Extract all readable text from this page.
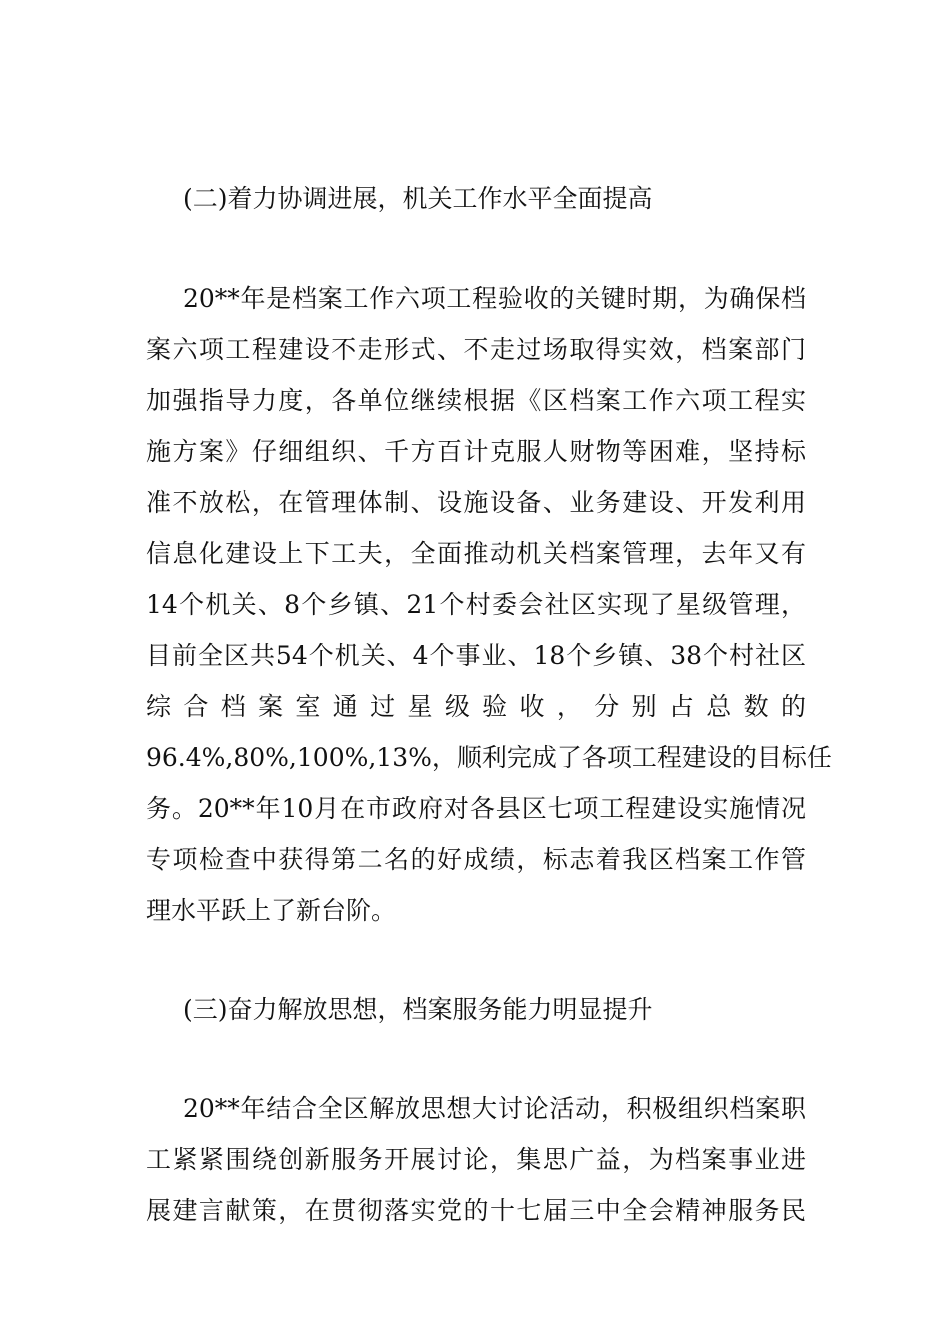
(二)着力协调进展，机关工作水平全面提高
20**年是档案工作六项工程验收的关键时期，为确保档
案六项工程建设不走形式、不走过场取得实效，档案部门
加强指导力度，各单位继续根据《区档案工作六项工程实
施方案》仔细组织、千方百计克服人财物等困难，坚持标
准不放松，在管理体制、设施设备、业务建设、开发利用
信息化建设上下工夫，全面推动机关档案管理，去年又有
14个机关、8个乡镇、21个村委会社区实现了星级管理，
目前全区共54个机关、4个事业、18个乡镇、38个村社区
综合档案室通过星级验收，分别占总数的
96.4%,80%,100%,13%，顺利完成了各项工程建设的目标任
务。20**年10月在市政府对各县区七项工程建设实施情况
专项检查中获得第二名的好成绩，标志着我区档案工作管
理水平跃上了新台阶。
(三)奋力解放思想，档案服务能力明显提升
20**年结合全区解放思想大讨论活动，积极组织档案职
工紧紧围绕创新服务开展讨论，集思广益，为档案事业进
展建言献策，在贯彻落实党的十七届三中全会精神服务民
